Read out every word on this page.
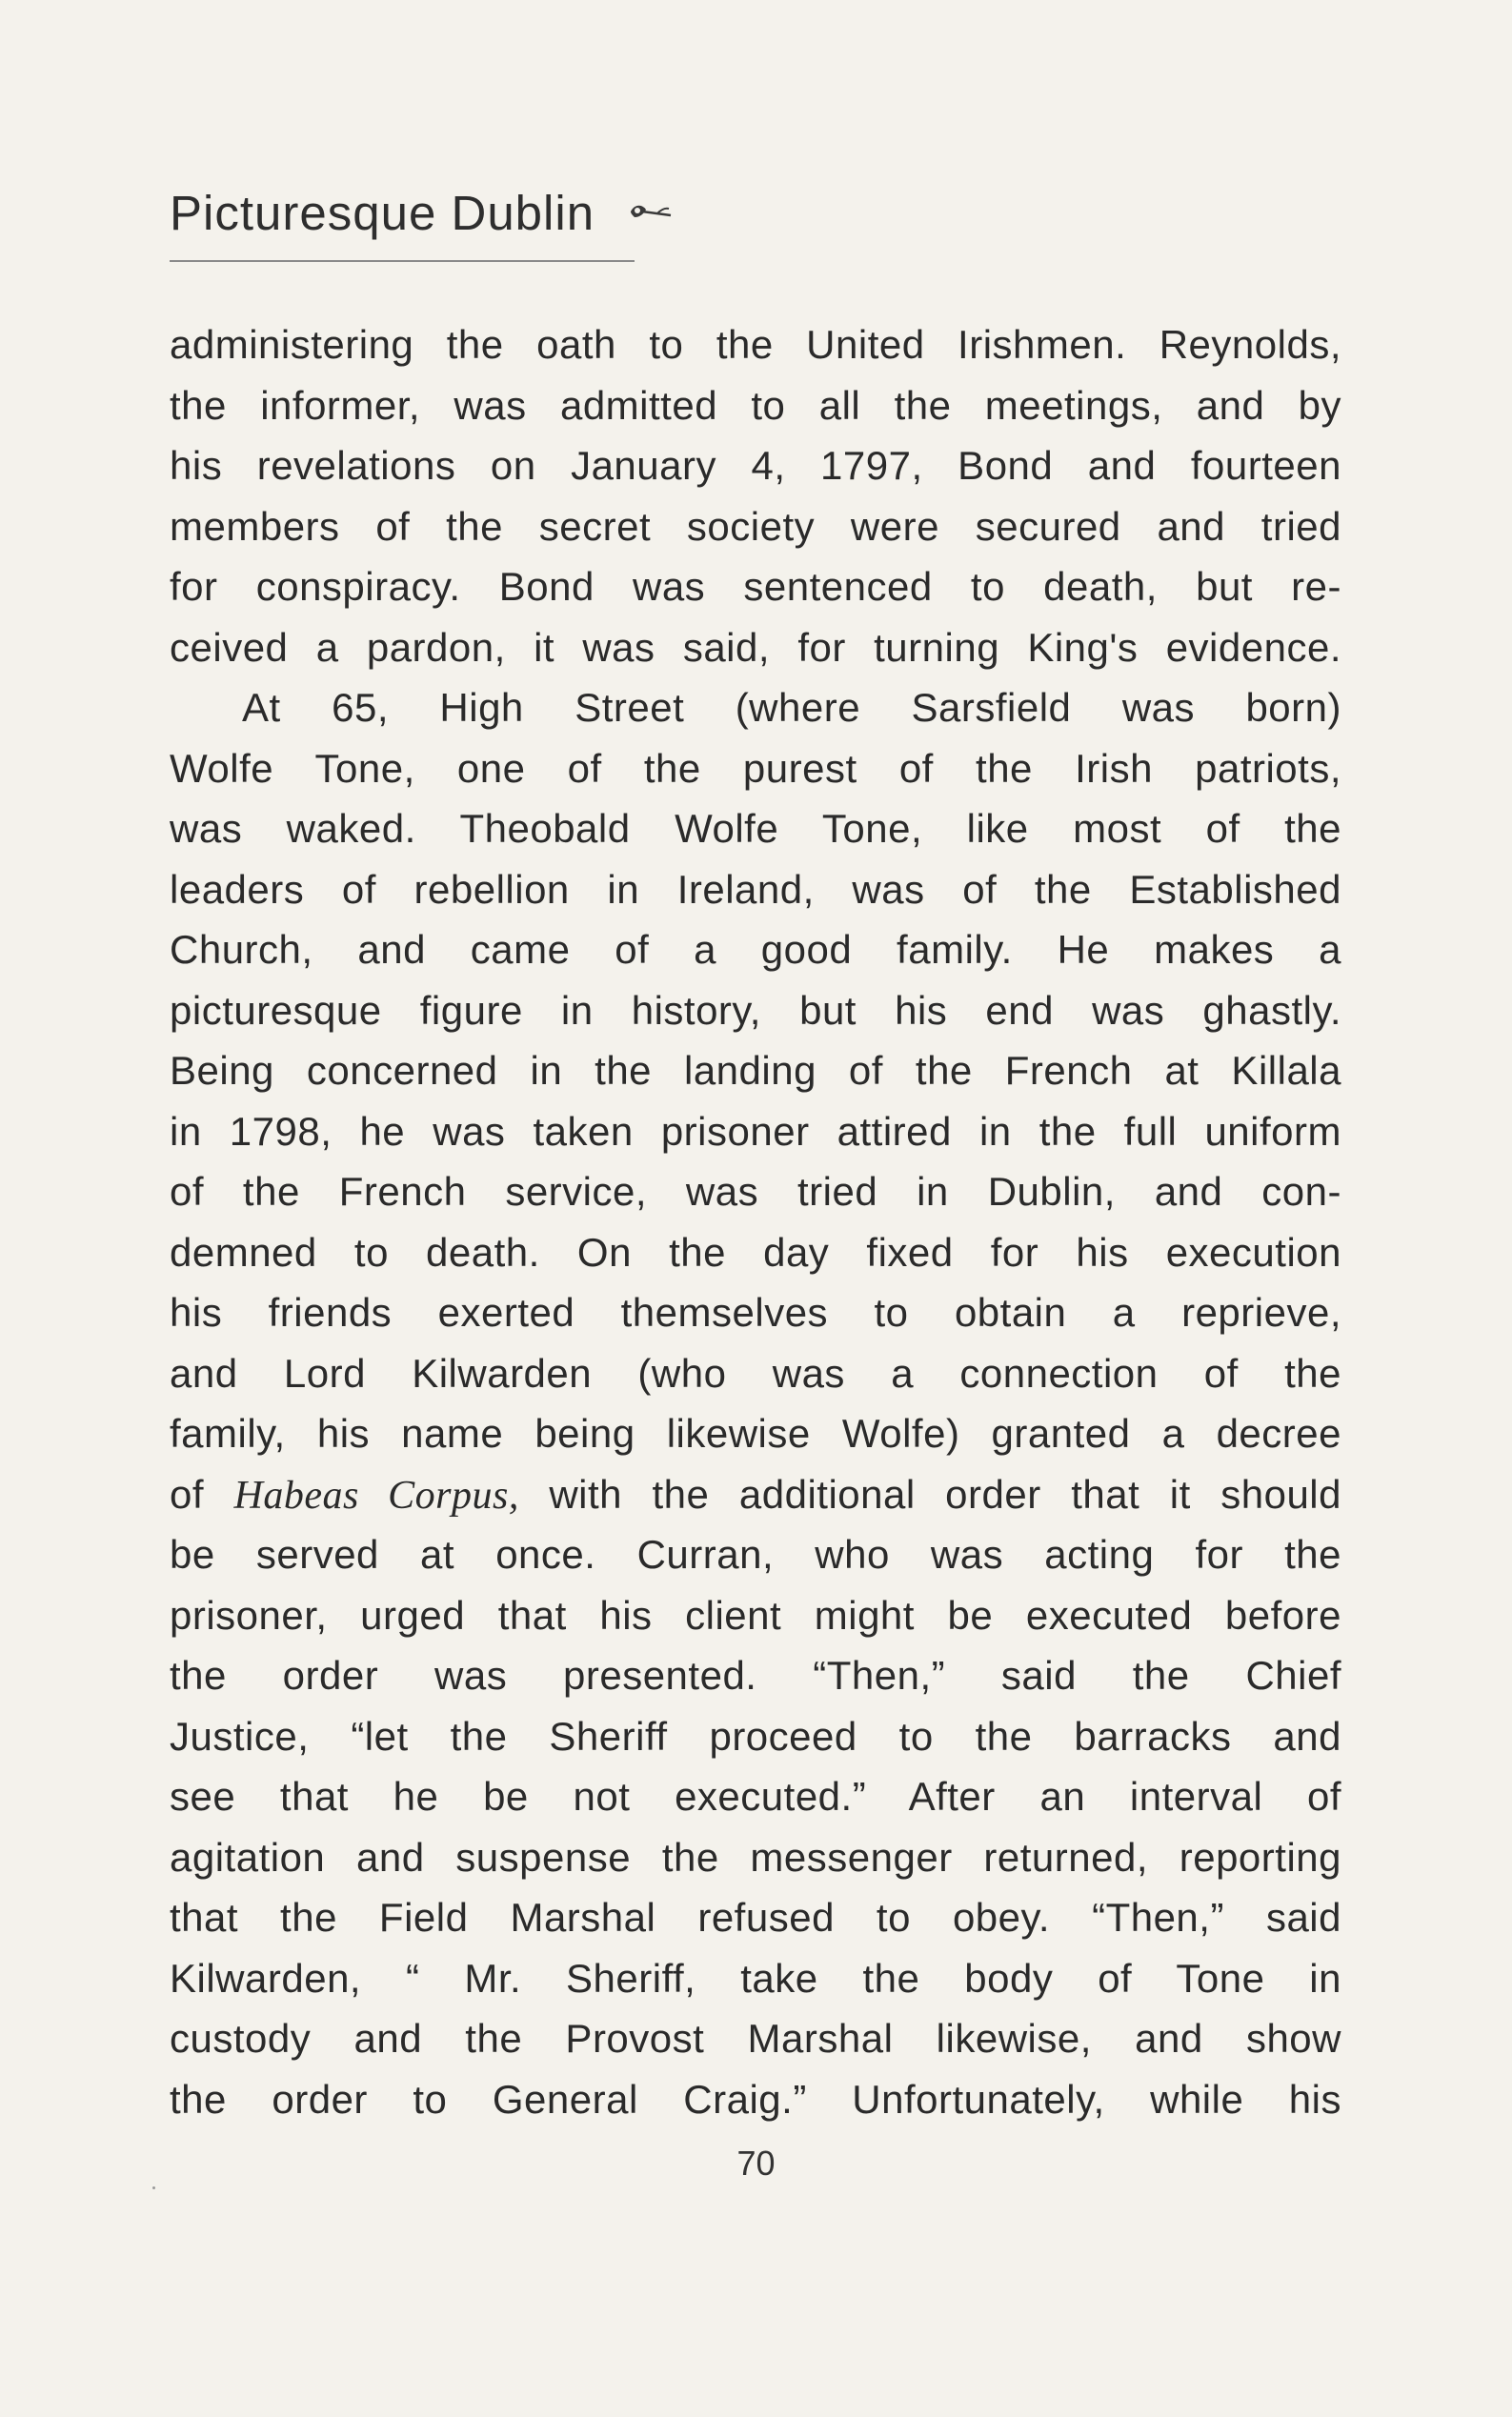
Picturesque Dublin
administering the oath to the United Irishmen. Reynolds,
the informer, was admitted to all the meetings, and by
his revelations on January 4, 1797, Bond and fourteen
members of the secret society were secured and tried
for conspiracy. Bond was sentenced to death, but re-
ceived a pardon, it was said, for turning King's evidence.
At 65, High Street (where Sarsfield was born)
Wolfe Tone, one of the purest of the Irish patriots,
was waked. Theobald Wolfe Tone, like most of the
leaders of rebellion in Ireland, was of the Established
Church, and came of a good family. He makes a
picturesque figure in history, but his end was ghastly.
Being concerned in the landing of the French at Killala
in 1798, he was taken prisoner attired in the full uniform
of the French service, was tried in Dublin, and con-
demned to death. On the day fixed for his execution
his friends exerted themselves to obtain a reprieve,
and Lord Kilwarden (who was a connection of the
family, his name being likewise Wolfe) granted a decree
of Habeas Corpus, with the additional order that it should
be served at once. Curran, who was acting for the
prisoner, urged that his client might be executed before
the order was presented. “Then,” said the Chief
Justice, “let the Sheriff proceed to the barracks and
see that he be not executed.” After an interval of
agitation and suspense the messenger returned, reporting
that the Field Marshal refused to obey. “Then,” said
Kilwarden, “ Mr. Sheriff, take the body of Tone in
custody and the Provost Marshal likewise, and show
the order to General Craig.” Unfortunately, while his
70
